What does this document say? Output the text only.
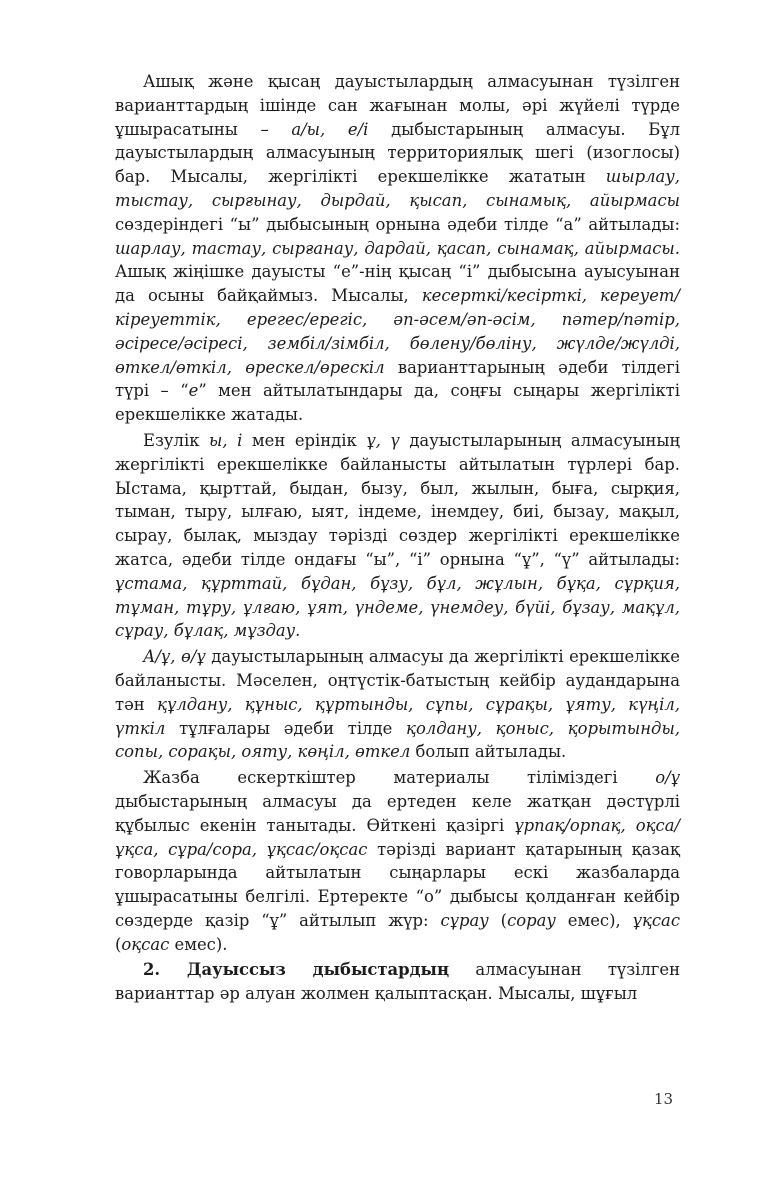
Ашық және қысаң дауыстылардың алмасуынан түзілген варианттардың ішінде сан жағынан молы, әрі жүйелі түрде ұшырасатыны – а/ы, е/і дыбыстарының алмасуы. Бұл дауыстылардың алмасуының территориялық шегі (изоглосы) бар. Мысалы, жергілікті ерекшелікке жататын шырлау, тыстау, сырғынау, дырдай, қысап, сынамық, айырмасы сөздеріндегі “ы” дыбысының орнына әдеби тілде “а” айтылады: шарлау, тастау, сырғанау, дардай, қасап, сынамақ, айырмасы. Ашық жіңішке дауысты “е”-нің қысаң “і” дыбысына ауысуынан да осыны байқаймыз. Мысалы, кесерткі/кесірткі, кереует/кіреуеттік, ерегес/ерегіс, әп-әсем/әп-әсім, пәтер/пәтір, әсіресе/әсіресі, зембіл/зімбіл, бөлену/бөліну, жүлде/жүлді, өткел/өткіл, өрескел/өрескіл варианттарының әдеби тілдегі түрі – “е” мен айтылатындары да, соңғы сыңары жергілікті ерекшелікке жатады.

Езулік ы, і мен еріндік ұ, ү дауыстыларының алмасуының жергілікті ерекшелікке байланысты айтылатын түрлері бар. Ыстама, қырттай, быдан, бызу, был, жылын, быға, сырқия, тыман, тыру, ылғаю, ыят, індеме, інемдеу, биі, бызау, мақыл, сырау, былақ, мыздау тәрізді сөздер жергілікті ерекшелікке жатса, әдеби тілде ондағы “ы”, “і” орнына “ұ”, “ү” айтылады: ұстама, құрттай, бұдан, бұзу, бұл, жұлын, бұқа, сұрқия, тұман, тұру, ұлғаю, ұят, үндеме, үнемдеу, бүйі, бұзау, мақұл, сұрау, бұлақ, мұздау.

А/ұ, ө/ұ дауыстыларының алмасуы да жергілікті ерекшелікке байланысты. Мәселен, оңтүстік-батыстың кейбір аудандарына тән құлдану, құныс, құртынды, сұпы, сұрақы, ұяту, күңіл, үткіл тұлғалары әдеби тілде қолдану, қоныс, қорытынды, сопы, сорақы, ояту, көңіл, өткел болып айтылады.

Жазба ескерткіштер материалы тіліміздегі о/ұ дыбыстарының алмасуы да ертеден келе жатқан дәстүрлі құбылыс екенін танытады. Өйткені қазіргі ұрпақ/орпақ, оқса/ұқса, сұра/сора, ұқсас/оқсас тәрізді вариант қатарының қазақ говорларында айтылатын сыңарлары ескі жазбаларда ұшырасатыны белгілі. Ертеректе “о” дыбысы қолданған кейбір сөздерде қазір “ұ” айтылып жүр: сұрау (сорау емес), ұқсас (оқсас емес).

2. Дауыссыз дыбыстардың алмасуынан түзілген варианттар әр алуан жолмен қалыптасқан. Мысалы, шұғыл

13
